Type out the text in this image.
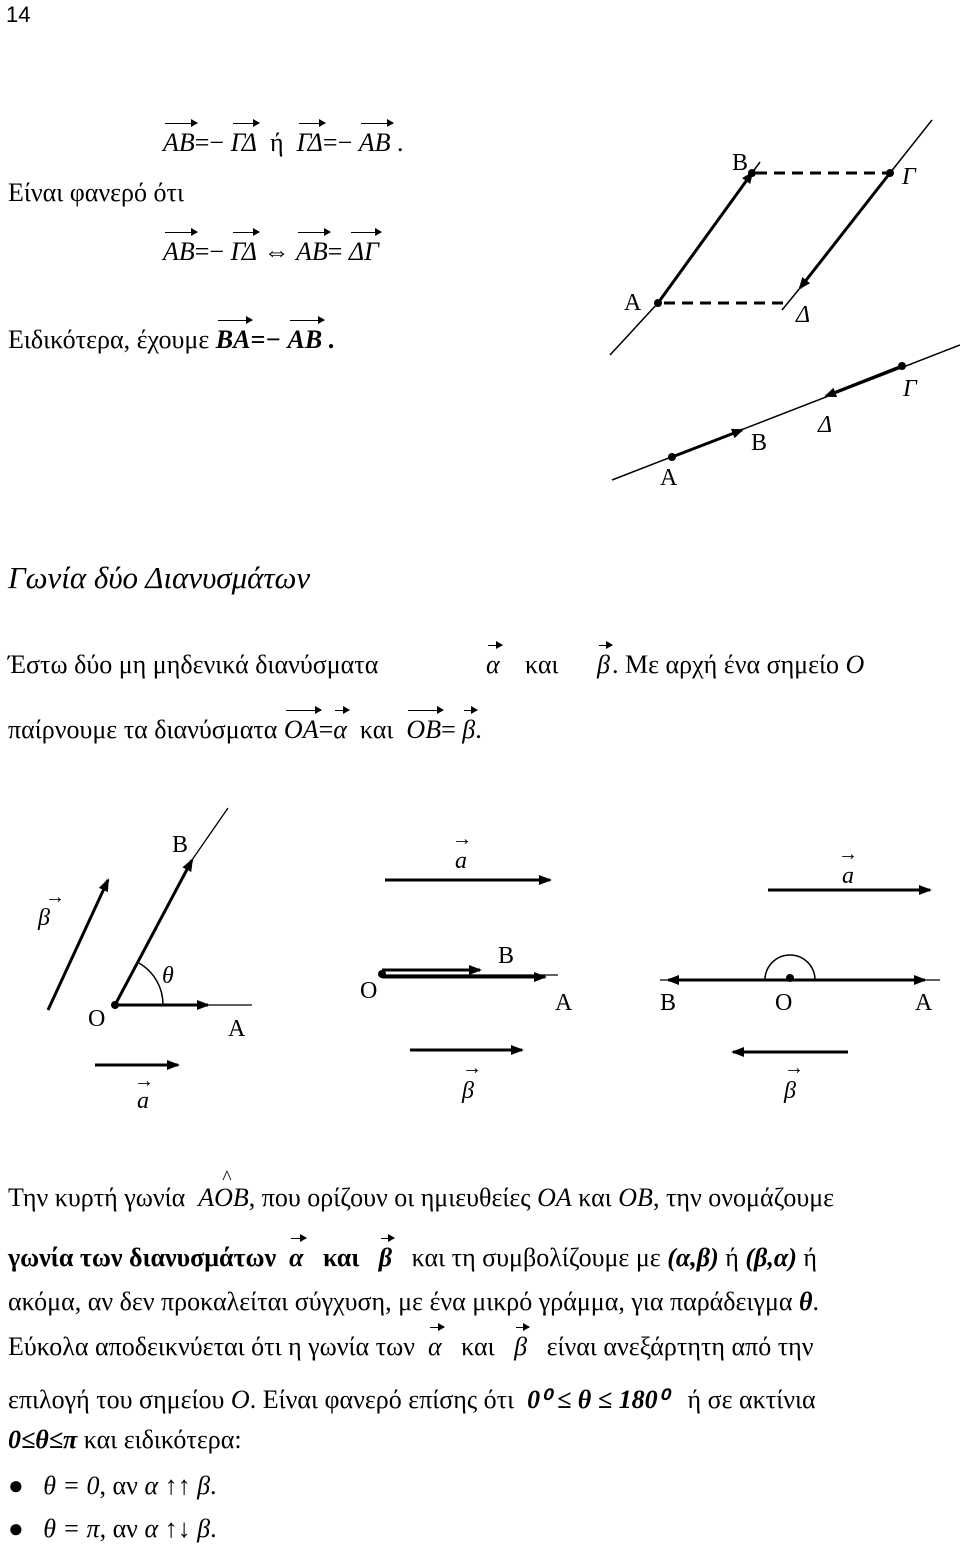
14
AB=− ΓΔ  ή  ΓΔ=− AB .
Είναι φανερό ότι
AB=− ΓΔ ⇔ AB= ΔΓ
Ειδικότερα, έχουμε BA=− AB .
B
Γ
A	Δ
Γ
Δ
B
A
Γωνία δύο Διανυσμάτων
Έστω δύο μη μηδενικά διανύσματα	α και β . Με αρχή ένα σημείο O
παίρνουμε τα διανύσματα OA=α και OB= β.
β
→
B
θ
O	A
a
→
a
→
B
O	A
β
→
a
→
B	O	A
β
→
Την κυρτή γωνία AOB
^
, που ορίζουν οι ημιευθείες OA και OB, την ονομάζουμε
γωνία των διανυσμάτων α και β και τη συμβολίζουμε με (α,β) ή (β,α) ή
ακόμα, αν δεν προκαλείται σύγχυση, με ένα μικρό γράμμα, για παράδειγμα θ.
Εύκολα αποδεικνύεται ότι η γωνία των α και β είναι ανεξάρτητη από την
επιλογή του σημείου O. Είναι φανερό επίσης ότι 0⁰ ≤ θ ≤ 180⁰ ή σε ακτίνια
0≤θ≤π και ειδικότερα:
● θ = 0, αν α ↑↑ β.
● θ = π, αν α ↑↓ β.
